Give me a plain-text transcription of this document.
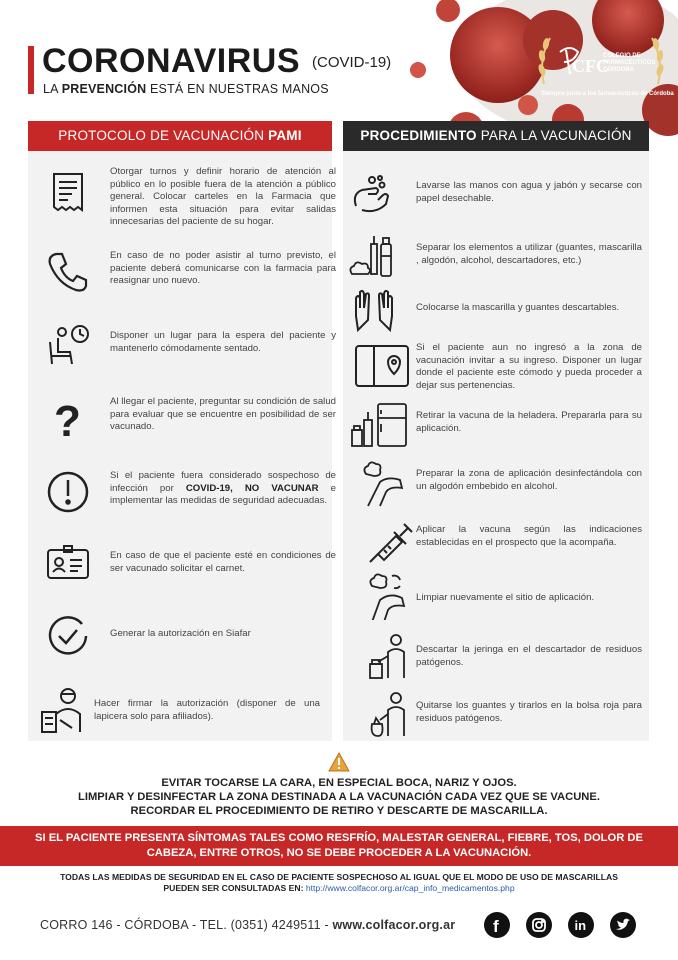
CORONAVIRUS (COVID-19)
LA PREVENCIÓN ESTÁ EN NUESTRAS MANOS
CFC
COLEGIO DE FARMACÉUTICOS CÓRDOBA
Siempre junto a los farmacéuticos de Córdoba
PROTOCOLO DE VACUNACIÓN PAMI	PROCEDIMIENTO PARA LA VACUNACIÓN
Otorgar turnos y definir horario de atención al público en lo posible fuera de la atención a público general. Colocar carteles en la Farmacia que informen esta situación para evitar salidas innecesarias del paciente de su hogar.
En caso de no poder asistir al turno previsto, el paciente deberá comunicarse con la farmacia para reasignar uno nuevo.
Disponer un lugar para la espera del paciente y mantenerlo cómodamente sentado.
?	Al llegar el paciente, preguntar su condición de salud para evaluar que se encuentre en posibilidad de ser vacunado.
Si el paciente fuera considerado sospechoso de infección por COVID-19, NO VACUNAR e implementar las medidas de seguridad adecuadas.
En caso de que el paciente esté en condiciones de ser vacunado solicitar el carnet.
Generar la autorización en Siafar
Hacer firmar la autorización (disponer de una lapicera solo para afiliados).
Lavarse las manos con agua y jabón y secarse con papel desechable.
Separar los elementos a utilizar (guantes, mascarilla , algodón, alcohol, descartadores, etc.)
Colocarse la mascarilla y guantes descartables.
Si el paciente aun no ingresó a la zona de vacunación invitar a su ingreso. Disponer un lugar donde el paciente este cómodo y pueda proceder a dejar sus pertenencias.
Retirar la vacuna de la heladera. Prepararla para su aplicación.
Preparar la zona de aplicación desinfectándola con un algodón embebido en alcohol.
Aplicar la vacuna según las indicaciones establecidas en el prospecto que la acompaña.
Limpiar nuevamente el sitio de aplicación.
Descartar la jeringa en el descartador de residuos patógenos.
Quitarse los guantes y tirarlos en la bolsa roja para residuos patógenos.
EVITAR TOCARSE LA CARA, EN ESPECIAL BOCA, NARIZ Y OJOS.
LIMPIAR Y DESINFECTAR LA ZONA DESTINADA A LA VACUNACIÓN CADA VEZ QUE SE VACUNE.
RECORDAR EL PROCEDIMIENTO DE RETIRO Y DESCARTE DE MASCARILLA.
SI EL PACIENTE PRESENTA SÍNTOMAS TALES COMO RESFRÍO, MALESTAR GENERAL, FIEBRE, TOS, DOLOR DE
CABEZA, ENTRE OTROS, NO SE DEBE PROCEDER A LA VACUNACIÓN.
TODAS LAS MEDIDAS DE SEGURIDAD EN EL CASO DE PACIENTE SOSPECHOSO AL IGUAL QUE EL MODO DE USO DE MASCARILLAS
PUEDEN SER CONSULTADAS EN: http://www.colfacor.org.ar/cap_info_medicamentos.php
CORRO 146 - CÓRDOBA - TEL. (0351) 4249511 - www.colfacor.org.ar f	in
